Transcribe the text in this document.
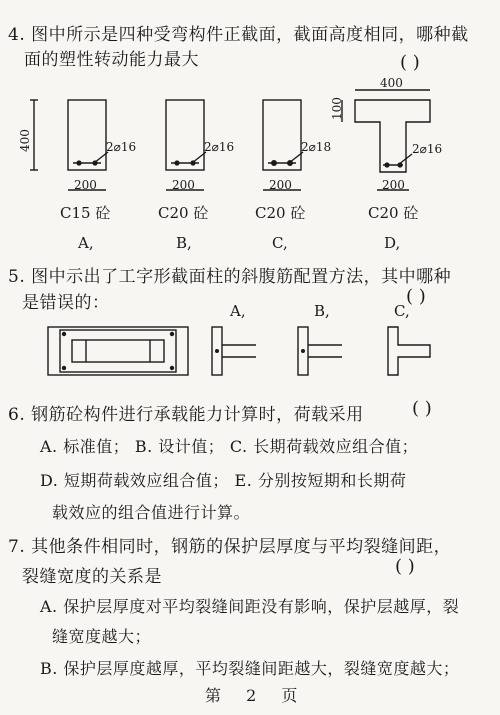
4. 图中所示是四种受弯构件正截面，截面高度相同，哪种截
面的塑性转动能力最大	( )
400	2⌀16
200
C15 砼
A,
2⌀16
200
C20 砼
B,
2⌀18
200
C20 砼
C,
400
100
2⌀16
200
C20 砼
D,
5. 图中示出了工字形截面柱的斜腹筋配置方法，其中哪种
是错误的：	( )
A,	B,	C,
6. 钢筋砼构件进行承载能力计算时，荷载采用	( )
A. 标准值； B. 设计值； C. 长期荷载效应组合值；
D. 短期荷载效应组合值； E. 分别按短期和长期荷
载效应的组合值进行计算。
7. 其他条件相同时，钢筋的保护层厚度与平均裂缝间距，
裂缝宽度的关系是	( )
A. 保护层厚度对平均裂缝间距没有影响，保护层越厚，裂
缝宽度越大；
B. 保护层厚度越厚，平均裂缝间距越大，裂缝宽度越大；
第 2 页
